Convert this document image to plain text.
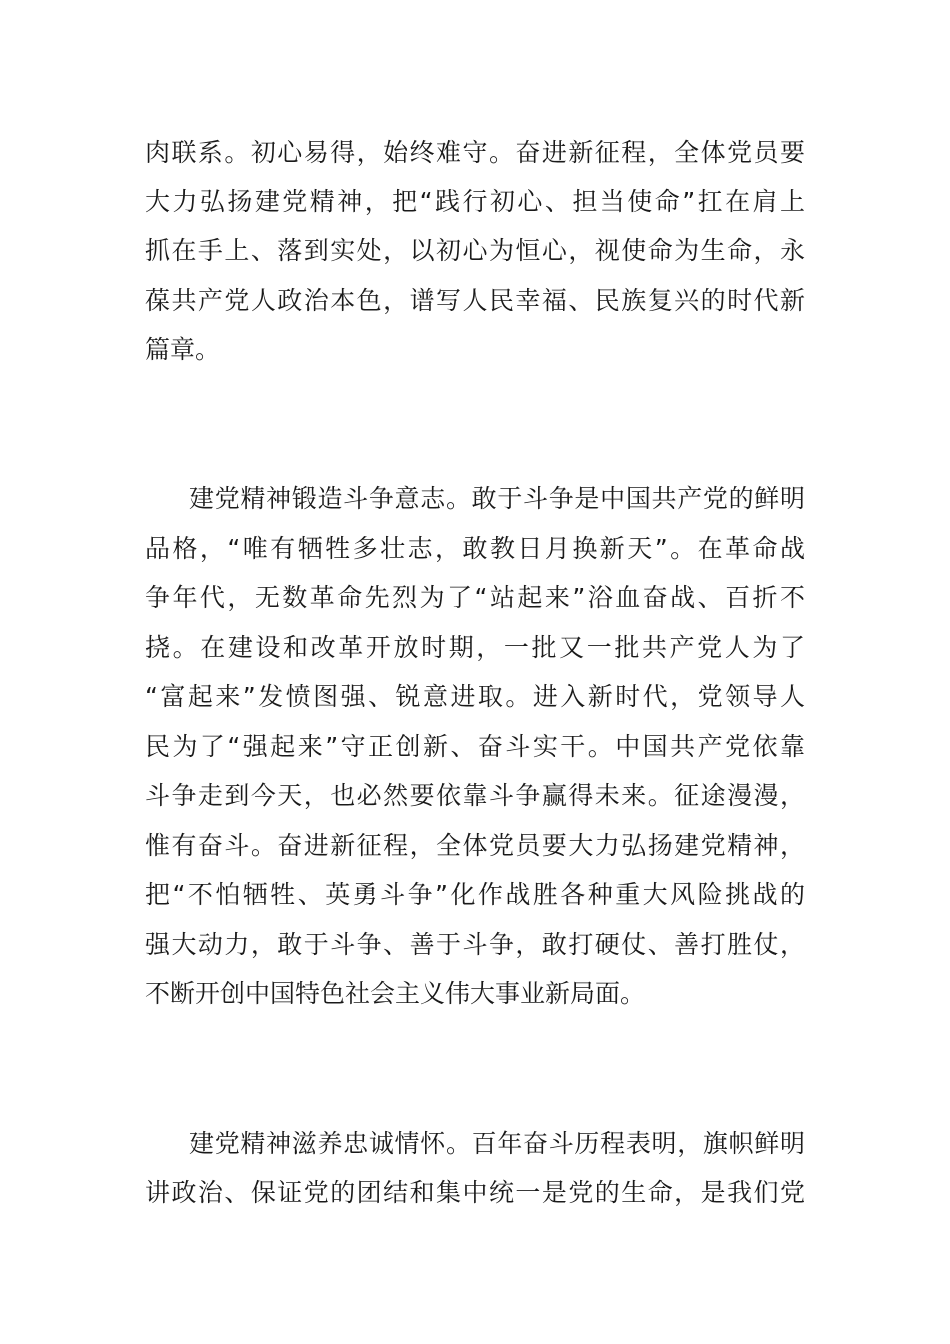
肉联系。初心易得，始终难守。奋进新征程，全体党员要
大力弘扬建党精神，把“践行初心、担当使命”扛在肩上
抓在手上、落到实处，以初心为恒心，视使命为生命，永
葆共产党人政治本色，谱写人民幸福、民族复兴的时代新
篇章。
建党精神锻造斗争意志。敢于斗争是中国共产党的鲜明
品格，“唯有牺牲多壮志，敢教日月换新天”。在革命战
争年代，无数革命先烈为了“站起来”浴血奋战、百折不
挠。在建设和改革开放时期，一批又一批共产党人为了
“富起来”发愤图强、锐意进取。进入新时代，党领导人
民为了“强起来”守正创新、奋斗实干。中国共产党依靠
斗争走到今天，也必然要依靠斗争赢得未来。征途漫漫，
惟有奋斗。奋进新征程，全体党员要大力弘扬建党精神，
把“不怕牺牲、英勇斗争”化作战胜各种重大风险挑战的
强大动力，敢于斗争、善于斗争，敢打硬仗、善打胜仗，
不断开创中国特色社会主义伟大事业新局面。
建党精神滋养忠诚情怀。百年奋斗历程表明，旗帜鲜明
讲政治、保证党的团结和集中统一是党的生命，是我们党
